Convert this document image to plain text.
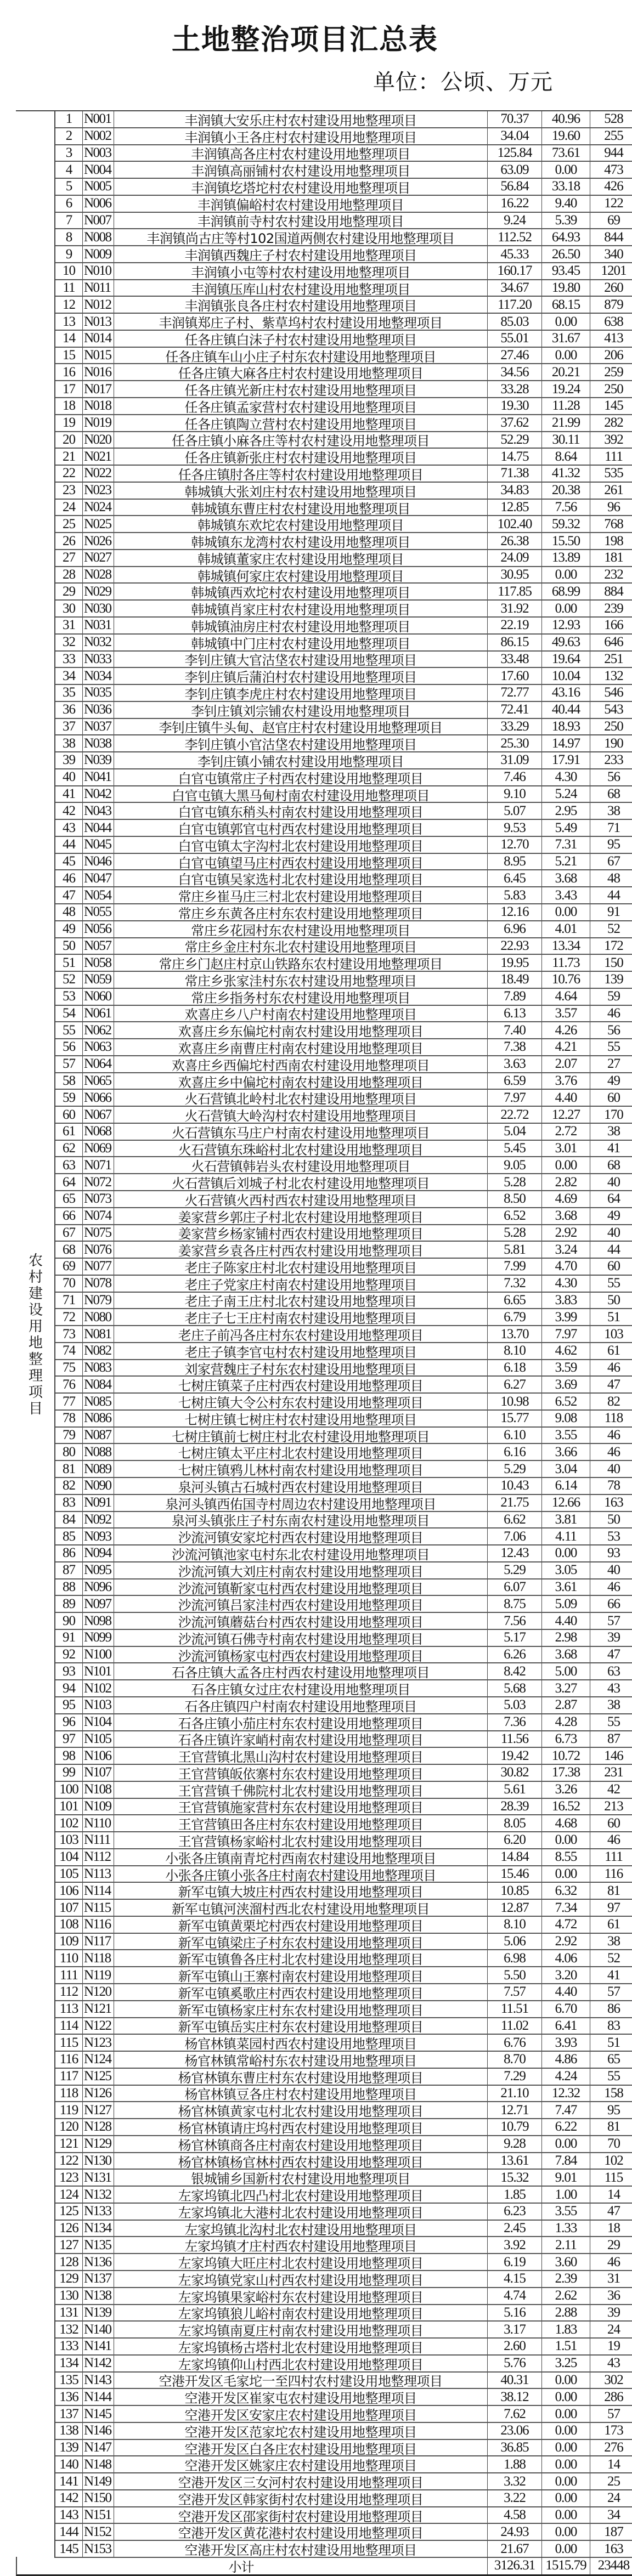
土地整治项目汇总表
单位：公顷、万元
农村建设用地整理项目
1 N001	丰润镇大安乐庄村农村建设用地整理项目	70.37	40.96	528
2 N002	丰润镇小王各庄村农村建设用地整理项目	34.04	19.60	255
3 N003	丰润镇高各庄村农村建设用地整理项目	125.84	73.61	944
4 N004	丰润镇高丽铺村农村建设用地整理项目	63.09	0.00	473
5 N005	丰润镇圪塔坨村农村建设用地整理项目	56.84	33.18	426
6 N006	丰润镇偏峪村农村建设用地整理项目	16.22	9.40	122
7 N007	丰润镇前寺村农村建设用地整理项目	9.24	5.39	69
8 N008	丰润镇尚古庄等村102国道两侧农村建设用地整理项目	112.52	64.93	844
9 N009	丰润镇西魏庄子村农村建设用地整理项目	45.33	26.50	340
10 N010	丰润镇小屯等村农村建设用地整理项目	160.17	93.45	1201
11 N011	丰润镇压库山村农村建设用地整理项目	34.67	19.80	260
12 N012	丰润镇张良各庄村农村建设用地整理项目	117.20	68.15	879
13 N013	丰润镇郑庄子村、紫草坞村农村建设用地整理项目	85.03	0.00	638
14 N014	任各庄镇白沫子村农村建设用地整理项目	55.01	31.67	413
15 N015	任各庄镇车山小庄子村东农村建设用地整理项目	27.46	0.00	206
16 N016	任各庄镇大麻各庄村农村建设用地整理项目	34.56	20.21	259
17 N017	任各庄镇光新庄村农村建设用地整理项目	33.28	19.24	250
18 N018	任各庄镇孟家营村农村建设用地整理项目	19.30	11.28	145
19 N019	任各庄镇陶立营村农村建设用地整理项目	37.62	21.99	282
20 N020	任各庄镇小麻各庄等村农村建设用地整理项目	52.29	30.11	392
21 N021	任各庄镇新张庄村农村建设用地整理项目	14.75	8.64	111
22 N022	任各庄镇肘各庄等村农村建设用地整理项目	71.38	41.32	535
23 N023	韩城镇大张刘庄村农村建设用地整理项目	34.83	20.38	261
24 N024	韩城镇东曹庄村农村建设用地整理项目	12.85	7.56	96
25 N025	韩城镇东欢坨农村建设用地整理项目	102.40	59.32	768
26 N026	韩城镇东龙湾村农村建设用地整理项目	26.38	15.50	198
27 N027	韩城镇董家庄农村建设用地整理项目	24.09	13.89	181
28 N028	韩城镇何家庄农村建设用地整理项目	30.95	0.00	232
29 N029	韩城镇西欢坨村农村建设用地整理项目	117.85	68.99	884
30 N030	韩城镇肖家庄村农村建设用地整理项目	31.92	0.00	239
31 N031	韩城镇油房庄村农村建设用地整理项目	22.19	12.93	166
32 N032	韩城镇中门庄村农村建设用地整理项目	86.15	49.63	646
33 N033	李钊庄镇大官沽垡农村建设用地整理项目	33.48	19.64	251
34 N034	李钊庄镇后蒲泊村农村建设用地整理项目	17.60	10.04	132
35 N035	李钊庄镇李虎庄村农村建设用地整理项目	72.77	43.16	546
36 N036	李钊庄镇刘宗铺农村建设用地整理项目	72.41	40.44	543
37 N037	李钊庄镇牛头甸、赵官庄村农村建设用地整理项目	33.29	18.93	250
38 N038	李钊庄镇小官沽垡农村建设用地整理项目	25.30	14.97	190
39 N039	李钊庄镇小铺农村建设用地整理项目	31.09	17.91	233
40 N041	白官屯镇常庄子村西农村建设用地整理项目	7.46	4.30	56
41 N042	白官屯镇大黑马甸村南农村建设用地整理项目	9.10	5.24	68
42 N043	白官屯镇东稍头村南农村建设用地整理项目	5.07	2.95	38
43 N044	白官屯镇郭官屯村西农村建设用地整理项目	9.53	5.49	71
44 N045	白官屯镇太字沟村北农村建设用地整理项目	12.70	7.31	95
45 N046	白官屯镇望马庄村西农村建设用地整理项目	8.95	5.21	67
46 N047	白官屯镇吴家选村北农村建设用地整理项目	6.45	3.68	48
47 N054	常庄乡崔马庄三村北农村建设用地整理项目	5.83	3.43	44
48 N055	常庄乡东黄各庄村东农村建设用地整理项目	12.16	0.00	91
49 N056	常庄乡花园村东农村建设用地整理项目	6.96	4.01	52
50 N057	常庄乡金庄村东北农村建设用地整理项目	22.93	13.34	172
51 N058	常庄乡门赵庄村京山铁路东农村建设用地整理项目	19.95	11.73	150
52 N059	常庄乡张家洼村东农村建设用地整理项目	18.49	10.76	139
53 N060	常庄乡指务村东农村建设用地整理项目	7.89	4.64	59
54 N061	欢喜庄乡八户村南农村建设用地整理项目	6.13	3.57	46
55 N062	欢喜庄乡东偏坨村南农村建设用地整理项目	7.40	4.26	56
56 N063	欢喜庄乡南曹庄村南农村建设用地整理项目	7.38	4.21	55
57 N064	欢喜庄乡西偏坨村西南农村建设用地整理项目	3.63	2.07	27
58 N065	欢喜庄乡中偏坨村南农村建设用地整理项目	6.59	3.76	49
59 N066	火石营镇北岭村北农村建设用地整理项目	7.97	4.40	60
60 N067	火石营镇大岭沟村农村建设用地整理项目	22.72	12.27	170
61 N068	火石营镇东马庄户村南农村建设用地整理项目	5.04	2.72	38
62 N069	火石营镇东珠峪村北农村建设用地整理项目	5.45	3.01	41
63 N071	火石营镇韩岩头农村建设用地整理项目	9.05	0.00	68
64 N072	火石营镇后刘城子村北农村建设用地整理项目	5.28	2.82	40
65 N073	火石营镇火西村西农村建设用地整理项目	8.50	4.69	64
66 N074	姜家营乡郭庄子村北农村建设用地整理项目	6.52	3.68	49
67 N075	姜家营乡杨家铺村西农村建设用地整理项目	5.28	2.92	40
68 N076	姜家营乡袁各庄村西农村建设用地整理项目	5.81	3.24	44
69 N077	老庄子陈家庄村北农村建设用地整理项目	7.99	4.70	60
70 N078	老庄子党家庄村南农村建设用地整理项目	7.32	4.30	55
71 N079	老庄子南王庄村北农村建设用地整理项目	6.65	3.83	50
72 N080	老庄子七王庄村南农村建设用地整理项目	6.79	3.99	51
73 N081	老庄子前冯各庄村东农村建设用地整理项目	13.70	7.97	103
74 N082	老庄子镇李官屯村农村建设用地整理项目	8.10	4.62	61
75 N083	刘家营魏庄子村东农村建设用地整理项目	6.18	3.59	46
76 N084	七树庄镇菜子庄村西农村建设用地整理项目	6.27	3.69	47
77 N085	七树庄镇大令公村东农村建设用地整理项目	10.98	6.52	82
78 N086	七树庄镇七树庄村农村建设用地整理项目	15.77	9.08	118
79 N087	七树庄镇前七树庄村北农村建设用地整理项目	6.10	3.55	46
80 N088	七树庄镇太平庄村北农村建设用地整理项目	6.16	3.66	46
81 N089	七树庄镇鸦儿林村南农村建设用地整理项目	5.29	3.04	40
82 N090	泉河头镇古石城村西农村建设用地整理项目	10.43	6.14	78
83 N091	泉河头镇西佑国寺村周边农村建设用地整理项目	21.75	12.66	163
84 N092	泉河头镇张庄子村东南农村建设用地整理项目	6.62	3.81	50
85 N093	沙流河镇安家坨村西农村建设用地整理项目	7.06	4.11	53
86 N094	沙流河镇池家屯村东北农村建设用地整理项目	12.43	0.00	93
87 N095	沙流河镇大刘庄村南农村建设用地整理项目	5.29	3.05	40
88 N096	沙流河镇靳家屯村西农村建设用地整理项目	6.07	3.61	46
89 N097	沙流河镇吕家洼村西农村建设用地整理项目	8.75	5.09	66
90 N098	沙流河镇蘑菇台村西农村建设用地整理项目	7.56	4.40	57
91 N099	沙流河镇石佛寺村南农村建设用地整理项目	5.17	2.98	39
92 N100	沙流河镇杨家屯村西农村建设用地整理项目	6.26	3.68	47
93 N101	石各庄镇大孟各庄村西农村建设用地整理项目	8.42	5.00	63
94 N102	石各庄镇女过庄农村建设用地整理项目	5.68	3.27	43
95 N103	石各庄镇四户村南农村建设用地整理项目	5.03	2.87	38
96 N104	石各庄镇小茄庄村东农村建设用地整理项目	7.36	4.28	55
97 N105	石各庄镇许家峭村南农村建设用地整理项目	11.56	6.73	87
98 N106	王官营镇北黑山沟村农村建设用地整理项目	19.42	10.72	146
99 N107	王官营镇皈依寨村东农村建设用地整理项目	30.82	17.38	231
100 N108	王官营镇千佛院村北农村建设用地整理项目	5.61	3.26	42
101 N109	王官营镇施家营村东农村建设用地整理项目	28.39	16.52	213
102 N110	王官营镇田各庄村东农村建设用地整理项目	8.05	4.68	60
103 N111	王官营镇杨家峪村北农村建设用地整理项目	6.20	0.00	46
104 N112	小张各庄镇南青坨村西南农村建设用地整理项目	14.84	8.55	111
105 N113	小张各庄镇小张各庄村南农村建设用地整理项目	15.46	0.00	116
106 N114	新军屯镇大坡庄村西农村建设用地整理项目	10.85	6.32	81
107 N115	新军屯镇河浃溜村西北农村建设用地整理项目	12.87	7.34	97
108 N116	新军屯镇黄栗坨村西农村建设用地整理项目	8.10	4.72	61
109 N117	新军屯镇梁庄子村东农村建设用地整理项目	5.06	2.92	38
110 N118	新军屯镇鲁各庄村北农村建设用地整理项目	6.98	4.06	52
111 N119	新军屯镇山王寨村南农村建设用地整理项目	5.50	3.20	41
112 N120	新军屯镇奚歌庄村西农村建设用地整理项目	7.57	4.40	57
113 N121	新军屯镇杨家庄村东农村建设用地整理项目	11.51	6.70	86
114 N122	新军屯镇岳实庄村东农村建设用地整理项目	11.02	6.41	83
115 N123	杨官林镇菜园村西农村建设用地整理项目	6.76	3.93	51
116 N124	杨官林镇常峪村东农村建设用地整理项目	8.70	4.86	65
117 N125	杨官林镇东曹庄村东农村建设用地整理项目	7.29	4.24	55
118 N126	杨官林镇豆各庄村农村建设用地整理项目	21.10	12.32	158
119 N127	杨官林镇黄家屯村北农村建设用地整理项目	12.71	7.47	95
120 N128	杨官林镇请庄坞村西农村建设用地整理项目	10.79	6.22	81
121 N129	杨官林镇商各庄村南农村建设用地整理项目	9.28	0.00	70
122 N130	杨官林镇杨官林村西农村建设用地整理项目	13.61	7.84	102
123 N131	银城铺乡国新村农村建设用地整理项目	15.32	9.01	115
124 N132	左家坞镇北四凸村北农村建设用地整理项目	1.85	1.00	14
125 N133	左家坞镇北大港村北农村建设用地整理项目	6.23	3.55	47
126 N134	左家坞镇北沟村北农村建设用地整理项目	2.45	1.33	18
127 N135	左家坞镇才庄村西农村建设用地整理项目	3.92	2.11	29
128 N136	左家坞镇大旺庄村北农村建设用地整理项目	6.19	3.60	46
129 N137	左家坞镇党家山村西农村建设用地整理项目	4.15	2.39	31
130 N138	左家坞镇果家峪村东农村建设用地整理项目	4.74	2.62	36
131 N139	左家坞镇狼儿峪村南农村建设用地整理项目	5.16	2.88	39
132 N140	左家坞镇南夏庄村南农村建设用地整理项目	3.17	1.83	24
133 N141	左家坞镇杨古塔村北农村建设用地整理项目	2.60	1.51	19
134 N142	左家坞镇仰山村西北农村建设用地整理项目	5.76	3.25	43
135 N143	空港开发区毛家坨一至四村农村建设用地整理项目	40.31	0.00	302
136 N144	空港开发区崔家屯农村建设用地整理项目	38.12	0.00	286
137 N145	空港开发区安家庄农村建设用地整理项目	7.62	0.00	57
138 N146	空港开发区范家坨农村建设用地整理项目	23.06	0.00	173
139 N147	空港开发区白各庄农村建设用地整理项目	36.85	0.00	276
140 N148	空港开发区姚家庄农村建设用地整理项目	1.88	0.00	14
141 N149	空港开发区三女河村农村建设用地整理项目	3.32	0.00	25
142 N150	空港开发区韩家街村农村建设用地整理项目	3.22	0.00	24
143 N151	空港开发区邵家街村农村建设用地整理项目	4.58	0.00	34
144 N152	空港开发区黄花港村农村建设用地整理项目	24.93	0.00	187
145 N153	空港开发区高庄村农村建设用地整理项目	21.67	0.00	163
小计	3126.31 1515.79 23448
